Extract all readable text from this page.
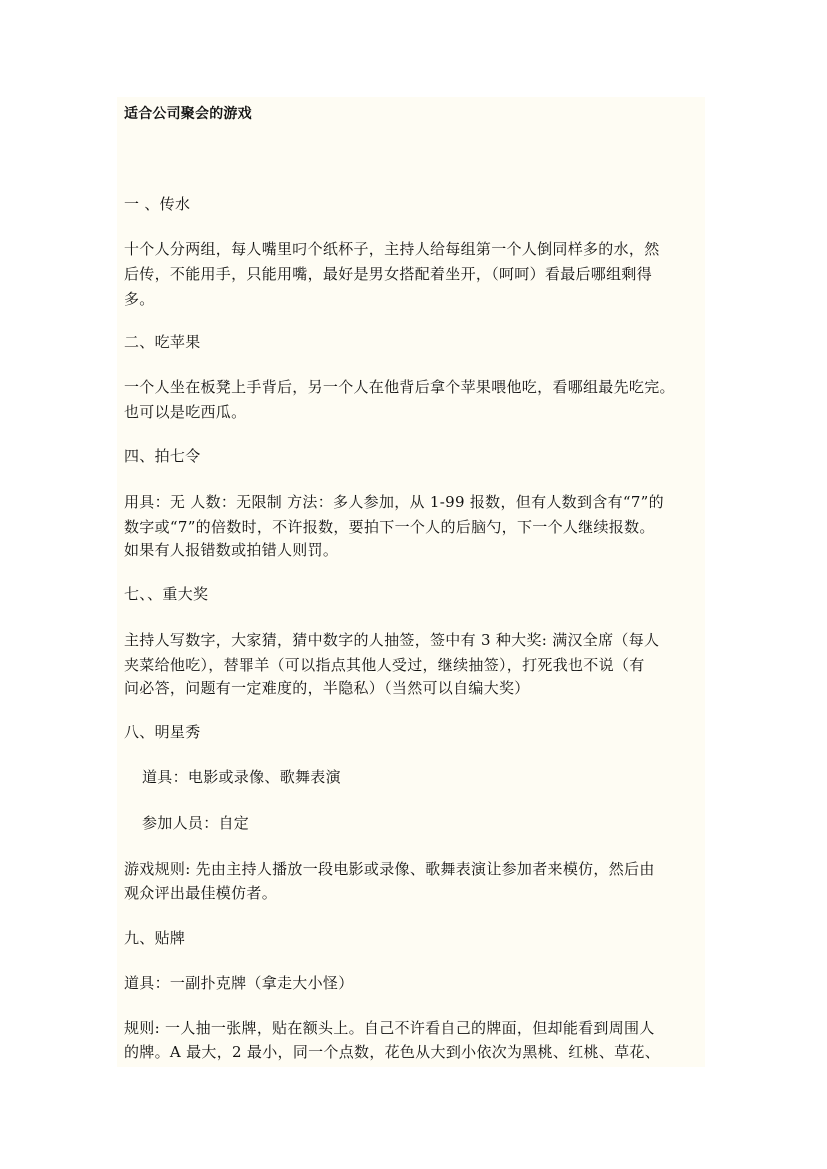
适合公司聚会的游戏
一 、传水
十个人分两组，每人嘴里叼个纸杯子，主持人给每组第一个人倒同样多的水，然
后传，不能用手，只能用嘴，最好是男女搭配着坐开，（呵呵）看最后哪组剩得
多。
二、吃苹果
一个人坐在板凳上手背后，另一个人在他背后拿个苹果喂他吃，看哪组最先吃完。
也可以是吃西瓜。
四、拍七令
用具：无 人数：无限制 方法：多人参加，从 1-99 报数，但有人数到含有“7”的
数字或“7”的倍数时，不许报数，要拍下一个人的后脑勺，下一个人继续报数。
如果有人报错数或拍错人则罚。
七、、重大奖
主持人写数字，大家猜，猜中数字的人抽签，签中有 3 种大奖: 满汉全席（每人
夹菜给他吃），替罪羊（可以指点其他人受过，继续抽签），打死我也不说（有
问必答，问题有一定难度的，半隐私）（当然可以自编大奖）
八、明星秀
道具：电影或录像、歌舞表演
参加人员：自定
游戏规则: 先由主持人播放一段电影或录像、歌舞表演让参加者来模仿，然后由
观众评出最佳模仿者。
九、贴牌
道具：一副扑克牌（拿走大小怪）
规则: 一人抽一张牌，贴在额头上。自己不许看自己的牌面，但却能看到周围人
的牌。A 最大，2 最小，同一个点数，花色从大到小依次为黑桃、红桃、草花、
